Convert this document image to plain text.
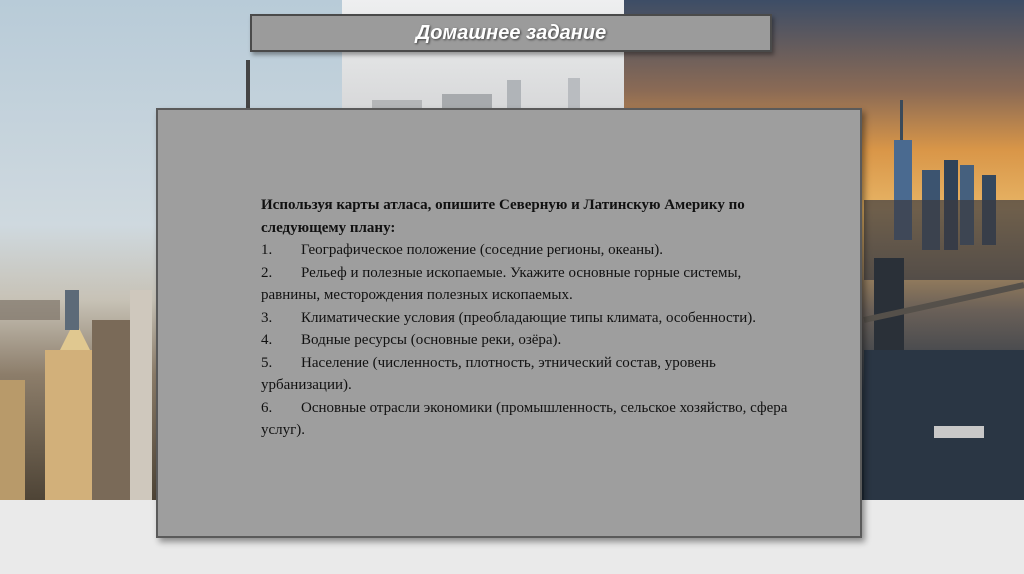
Домашнее задание
Используя карты атласа, опишите Северную и Латинскую Америку по следующему плану:
1. Географическое положение (соседние регионы, океаны).
2. Рельеф и полезные ископаемые. Укажите основные горные системы, равнины, месторождения полезных ископаемых.
3. Климатические условия (преобладающие типы климата, особенности).
4. Водные ресурсы (основные реки, озёра).
5. Население (численность, плотность, этнический состав, уровень урбанизации).
6. Основные отрасли экономики (промышленность, сельское хозяйство, сфера услуг).
